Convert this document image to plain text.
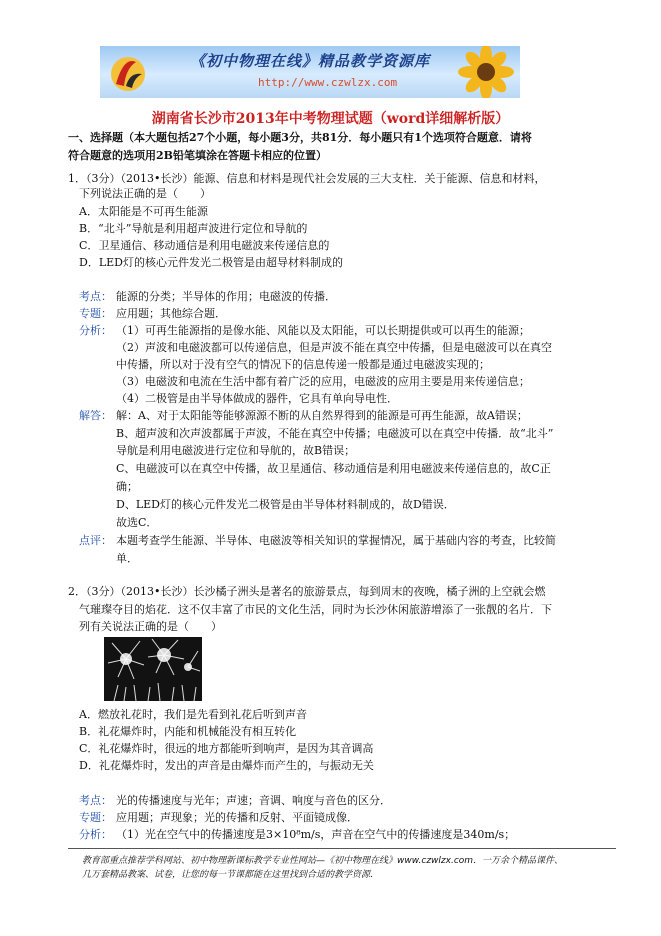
《初中物理在线》精品教学资源库
http://www.czwlzx.com
湖南省长沙市2013年中考物理试题（word详细解析版）
一、选择题（本大题包括27个小题，每小题3分，共81分．每小题只有1个选项符合题意．请将
符合题意的选项用2B铅笔填涂在答题卡相应的位置）
1．（3分）（2013•长沙）能源、信息和材料是现代社会发展的三大支柱．关于能源、信息和材料，
下列说法正确的是（　　）
A．太阳能是不可再生能源
B．“北斗”导航是利用超声波进行定位和导航的
C．卫星通信、移动通信是利用电磁波来传递信息的
D．LED灯的核心元件发光二极管是由超导材料制成的
考点： 能源的分类；半导体的作用；电磁波的传播．
专题： 应用题；其他综合题．
分析： （1）可再生能源指的是像水能、风能以及太阳能，可以长期提供或可以再生的能源；
（2）声波和电磁波都可以传递信息，但是声波不能在真空中传播，但是电磁波可以在真空
中传播，所以对于没有空气的情况下的信息传递一般都是通过电磁波实现的；
（3）电磁波和电流在生活中都有着广泛的应用，电磁波的应用主要是用来传递信息；
（4）二极管是由半导体做成的器件，它具有单向导电性．
解答： 解：A、对于太阳能等能够源源不断的从自然界得到的能源是可再生能源，故A错误；
B、超声波和次声波都属于声波，不能在真空中传播；电磁波可以在真空中传播．故“北斗”
导航是利用电磁波进行定位和导航的，故B错误；
C、电磁波可以在真空中传播，故卫星通信、移动通信是利用电磁波来传递信息的，故C正
确；
D、LED灯的核心元件发光二极管是由半导体材料制成的，故D错误．
故选C．
点评： 本题考查学生能源、半导体、电磁波等相关知识的掌握情况，属于基础内容的考查，比较简
单．
2．（3分）（2013•长沙）长沙橘子洲头是著名的旅游景点，每到周末的夜晚，橘子洲的上空就会燃
气璀璨夺目的焰花．这不仅丰富了市民的文化生活，同时为长沙休闲旅游增添了一张靓的名片．下
列有关说法正确的是（　　）
A．燃放礼花时，我们是先看到礼花后听到声音
B．礼花爆炸时，内能和机械能没有相互转化
C．礼花爆炸时，很远的地方都能听到响声，是因为其音调高
D．礼花爆炸时，发出的声音是由爆炸而产生的，与振动无关
考点： 光的传播速度与光年；声速；音调、响度与音色的区分．
专题： 应用题；声现象；光的传播和反射、平面镜成像．
分析： （1）光在空气中的传播速度是3×10⁸m/s，声音在空气中的传播速度是340m/s；
教育部重点推荐学科网站、初中物理新课标教学专业性网站—《初中物理在线》www.czwlzx.com．一万余个精品课件、
几万套精品教案、试卷，让您的每一节课都能在这里找到合适的教学资源．
